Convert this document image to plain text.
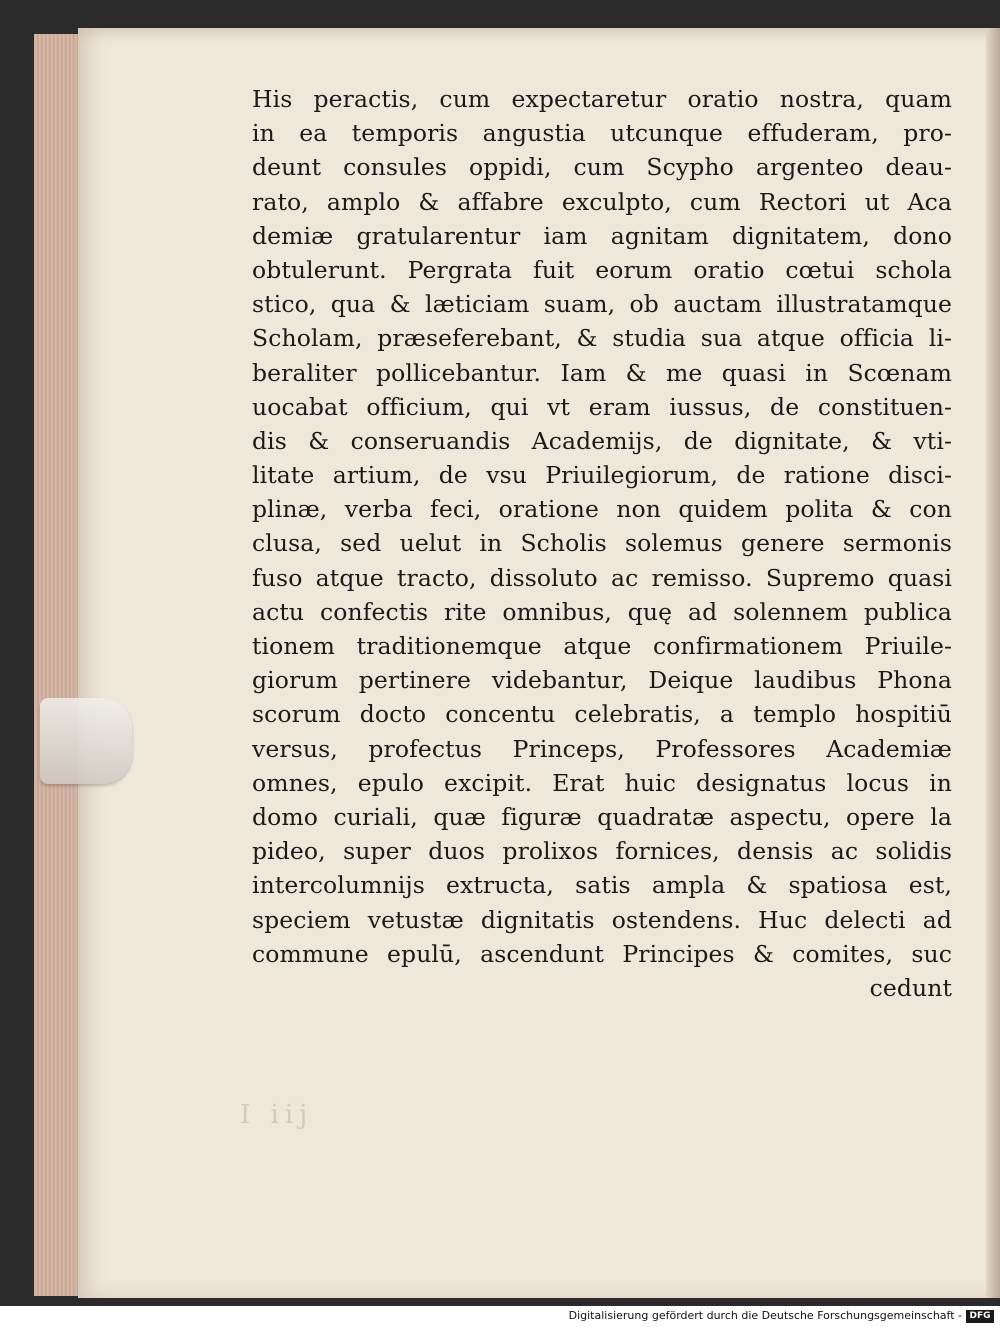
His peractis, cum expectaretur oratio nostra, quam
in ea temporis angustia utcunque effuderam, pro-
deunt consules oppidi, cum Scypho argenteo deau-
rato, amplo & affabre exculpto, cum Rectori ut Aca
demiæ gratularentur iam agnitam dignitatem, dono
obtulerunt. Pergrata fuit eorum oratio cœtui schola
stico, qua & læticiam suam, ob auctam illustratamque
Scholam, præseferebant, & studia sua atque officia li-
beraliter pollicebantur. Iam & me quasi in Scœnam
uocabat officium, qui vt eram iussus, de constituen-
dis & conseruandis Academijs, de dignitate, & vti-
litate artium, de vsu Priuilegiorum, de ratione disci-
plinæ, verba feci, oratione non quidem polita & con
clusa, sed uelut in Scholis solemus genere sermonis
fuso atque tracto, dissoluto ac remisso. Supremo quasi
actu confectis rite omnibus, quę ad solennem publica
tionem traditionemque atque confirmationem Priuile-
giorum pertinere videbantur, Deique laudibus Phona
scorum docto concentu celebratis, a templo hospitiū
versus, profectus Princeps, Professores Academiæ
omnes, epulo excipit. Erat huic designatus locus in
domo curiali, quæ figuræ quadratæ aspectu, opere la
pideo, super duos prolixos fornices, densis ac solidis
intercolumnijs extructa, satis ampla & spatiosa est,
speciem vetustæ dignitatis ostendens. Huc delecti ad
commune epulū, ascendunt Principes & comites, suc
cedunt
I iij
Digitalisierung gefördert durch die Deutsche Forschungsgemeinschaft - DFG
